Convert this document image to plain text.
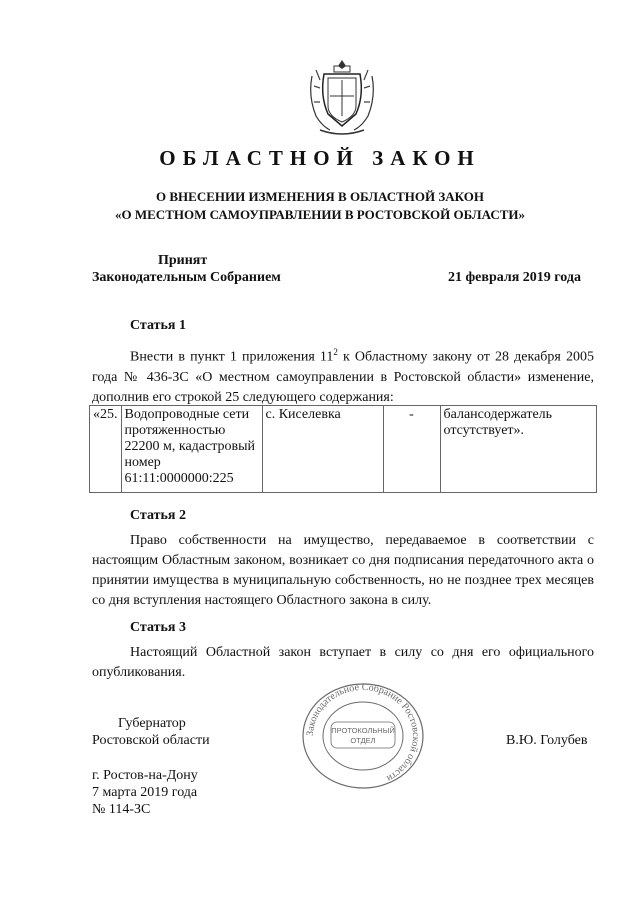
ОБЛАСТНОЙ ЗАКОН
О ВНЕСЕНИИ ИЗМЕНЕНИЯ В ОБЛАСТНОЙ ЗАКОН
«О МЕСТНОМ САМОУПРАВЛЕНИИ В РОСТОВСКОЙ ОБЛАСТИ»
Принят
Законодательным Собранием	21 февраля 2019 года
Статья 1

Внести в пункт 1 приложения $11^2$ к Областному закону от 28 декабря 2005 года № 436-ЗС «О местном самоуправлении в Ростовской области» изменение, дополнив его строкой 25 следующего содержания:

«25.	Водопроводные сети протяженностью 22200 м, кадастровый номер 61:11:0000000:225	с. Киселевка	-	балансодержатель отсутствует».
Статья 2

Право собственности на имущество, передаваемое в соответствии с настоящим Областным законом, возникает со дня подписания передаточного акта о принятии имущества в муниципальную собственность, но не позднее трех месяцев со дня вступления настоящего Областного закона в силу.

Статья 3

Настоящий Областной закон вступает в силу со дня его официального опубликования.

Законодательное Собрание Ростовской области
ПРОТОКОЛЬНЫЙ
ОТДЕЛ
Губернатор
Ростовской области	В.Ю. Голубев
г. Ростов-на-Дону
7 марта 2019 года
№ 114-ЗС
